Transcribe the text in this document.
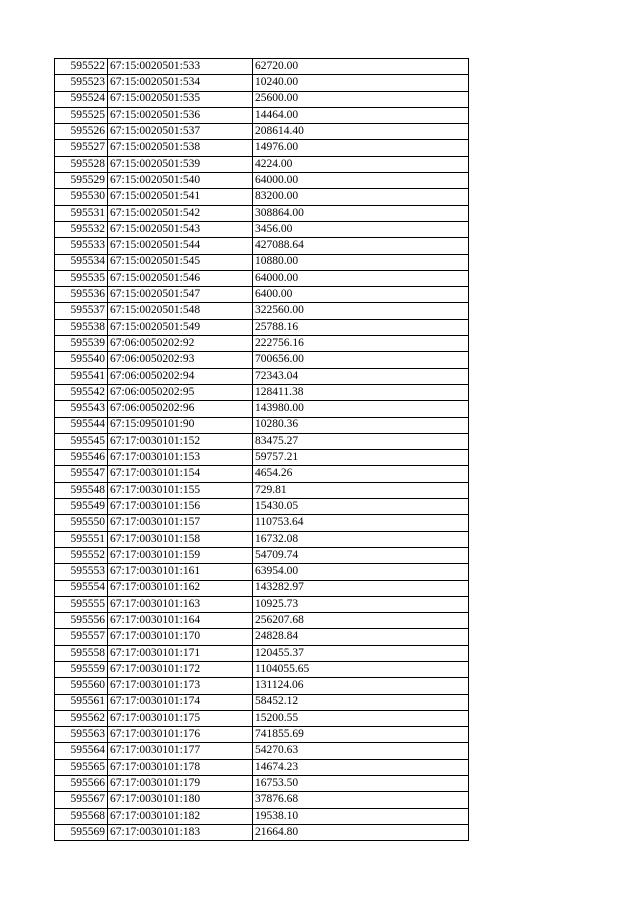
595522	67:15:0020501:533	62720.00
595523	67:15:0020501:534	10240.00
595524	67:15:0020501:535	25600.00
595525	67:15:0020501:536	14464.00
595526	67:15:0020501:537	208614.40
595527	67:15:0020501:538	14976.00
595528	67:15:0020501:539	4224.00
595529	67:15:0020501:540	64000.00
595530	67:15:0020501:541	83200.00
595531	67:15:0020501:542	308864.00
595532	67:15:0020501:543	3456.00
595533	67:15:0020501:544	427088.64
595534	67:15:0020501:545	10880.00
595535	67:15:0020501:546	64000.00
595536	67:15:0020501:547	6400.00
595537	67:15:0020501:548	322560.00
595538	67:15:0020501:549	25788.16
595539	67:06:0050202:92	222756.16
595540	67:06:0050202:93	700656.00
595541	67:06:0050202:94	72343.04
595542	67:06:0050202:95	128411.38
595543	67:06:0050202:96	143980.00
595544	67:15:0950101:90	10280.36
595545	67:17:0030101:152	83475.27
595546	67:17:0030101:153	59757.21
595547	67:17:0030101:154	4654.26
595548	67:17:0030101:155	729.81
595549	67:17:0030101:156	15430.05
595550	67:17:0030101:157	110753.64
595551	67:17:0030101:158	16732.08
595552	67:17:0030101:159	54709.74
595553	67:17:0030101:161	63954.00
595554	67:17:0030101:162	143282.97
595555	67:17:0030101:163	10925.73
595556	67:17:0030101:164	256207.68
595557	67:17:0030101:170	24828.84
595558	67:17:0030101:171	120455.37
595559	67:17:0030101:172	1104055.65
595560	67:17:0030101:173	131124.06
595561	67:17:0030101:174	58452.12
595562	67:17:0030101:175	15200.55
595563	67:17:0030101:176	741855.69
595564	67:17:0030101:177	54270.63
595565	67:17:0030101:178	14674.23
595566	67:17:0030101:179	16753.50
595567	67:17:0030101:180	37876.68
595568	67:17:0030101:182	19538.10
595569	67:17:0030101:183	21664.80
